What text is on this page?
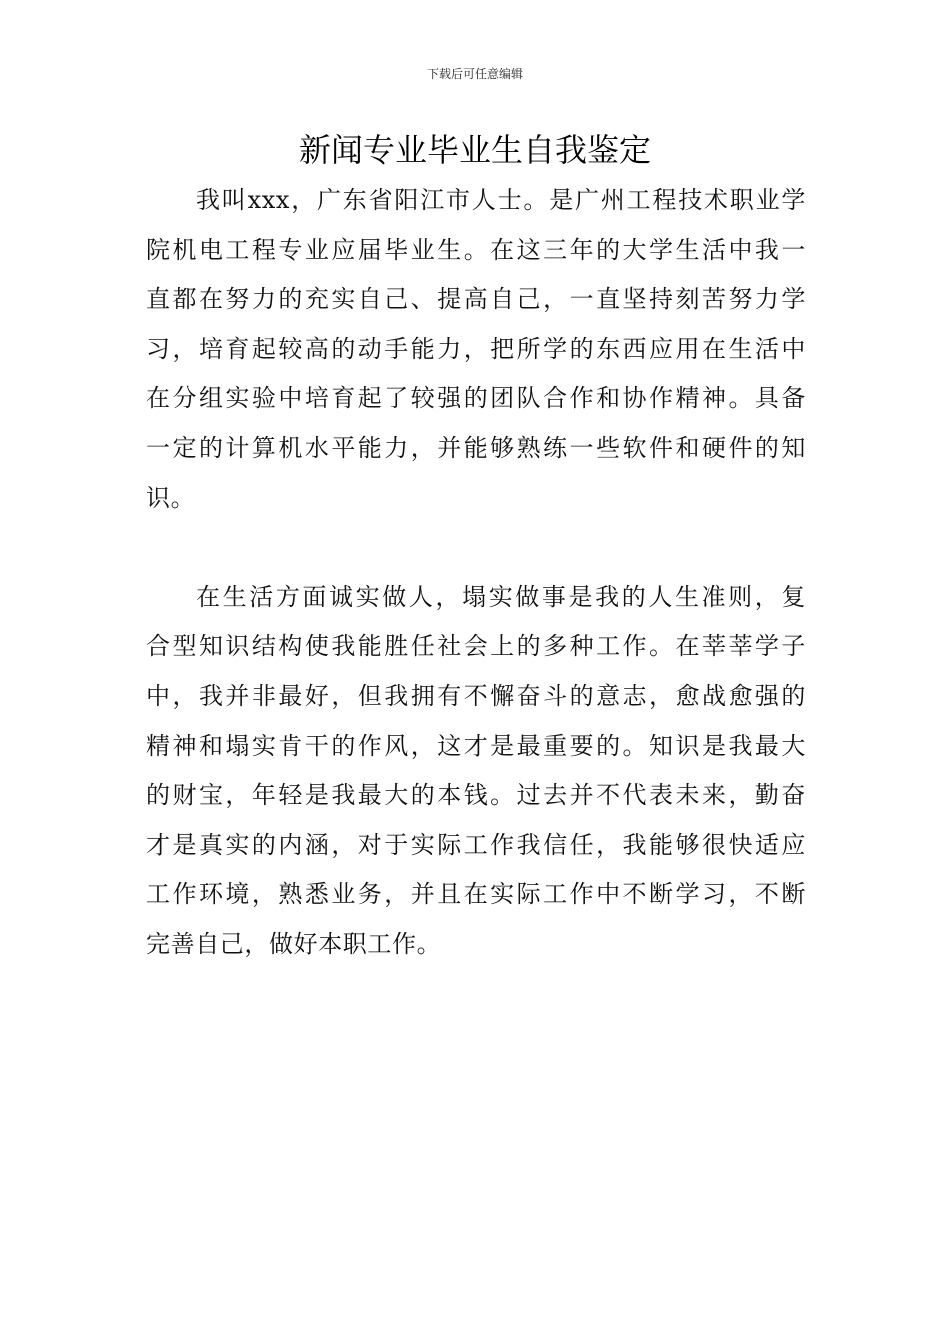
下载后可任意编辑
新闻专业毕业生自我鉴定

我叫xxx，广东省阳江市人士。是广州工程技术职业学
院机电工程专业应届毕业生。在这三年的大学生活中我一
直都在努力的充实自己、提高自己，一直坚持刻苦努力学
习，培育起较高的动手能力，把所学的东西应用在生活中
在分组实验中培育起了较强的团队合作和协作精神。具备
一定的计算机水平能力，并能够熟练一些软件和硬件的知
识。

在生活方面诚实做人，塌实做事是我的人生准则，复
合型知识结构使我能胜任社会上的多种工作。在莘莘学子
中，我并非最好，但我拥有不懈奋斗的意志，愈战愈强的
精神和塌实肯干的作风，这才是最重要的。知识是我最大
的财宝，年轻是我最大的本钱。过去并不代表未来，勤奋
才是真实的内涵，对于实际工作我信任，我能够很快适应
工作环境，熟悉业务，并且在实际工作中不断学习，不断
完善自己，做好本职工作。
